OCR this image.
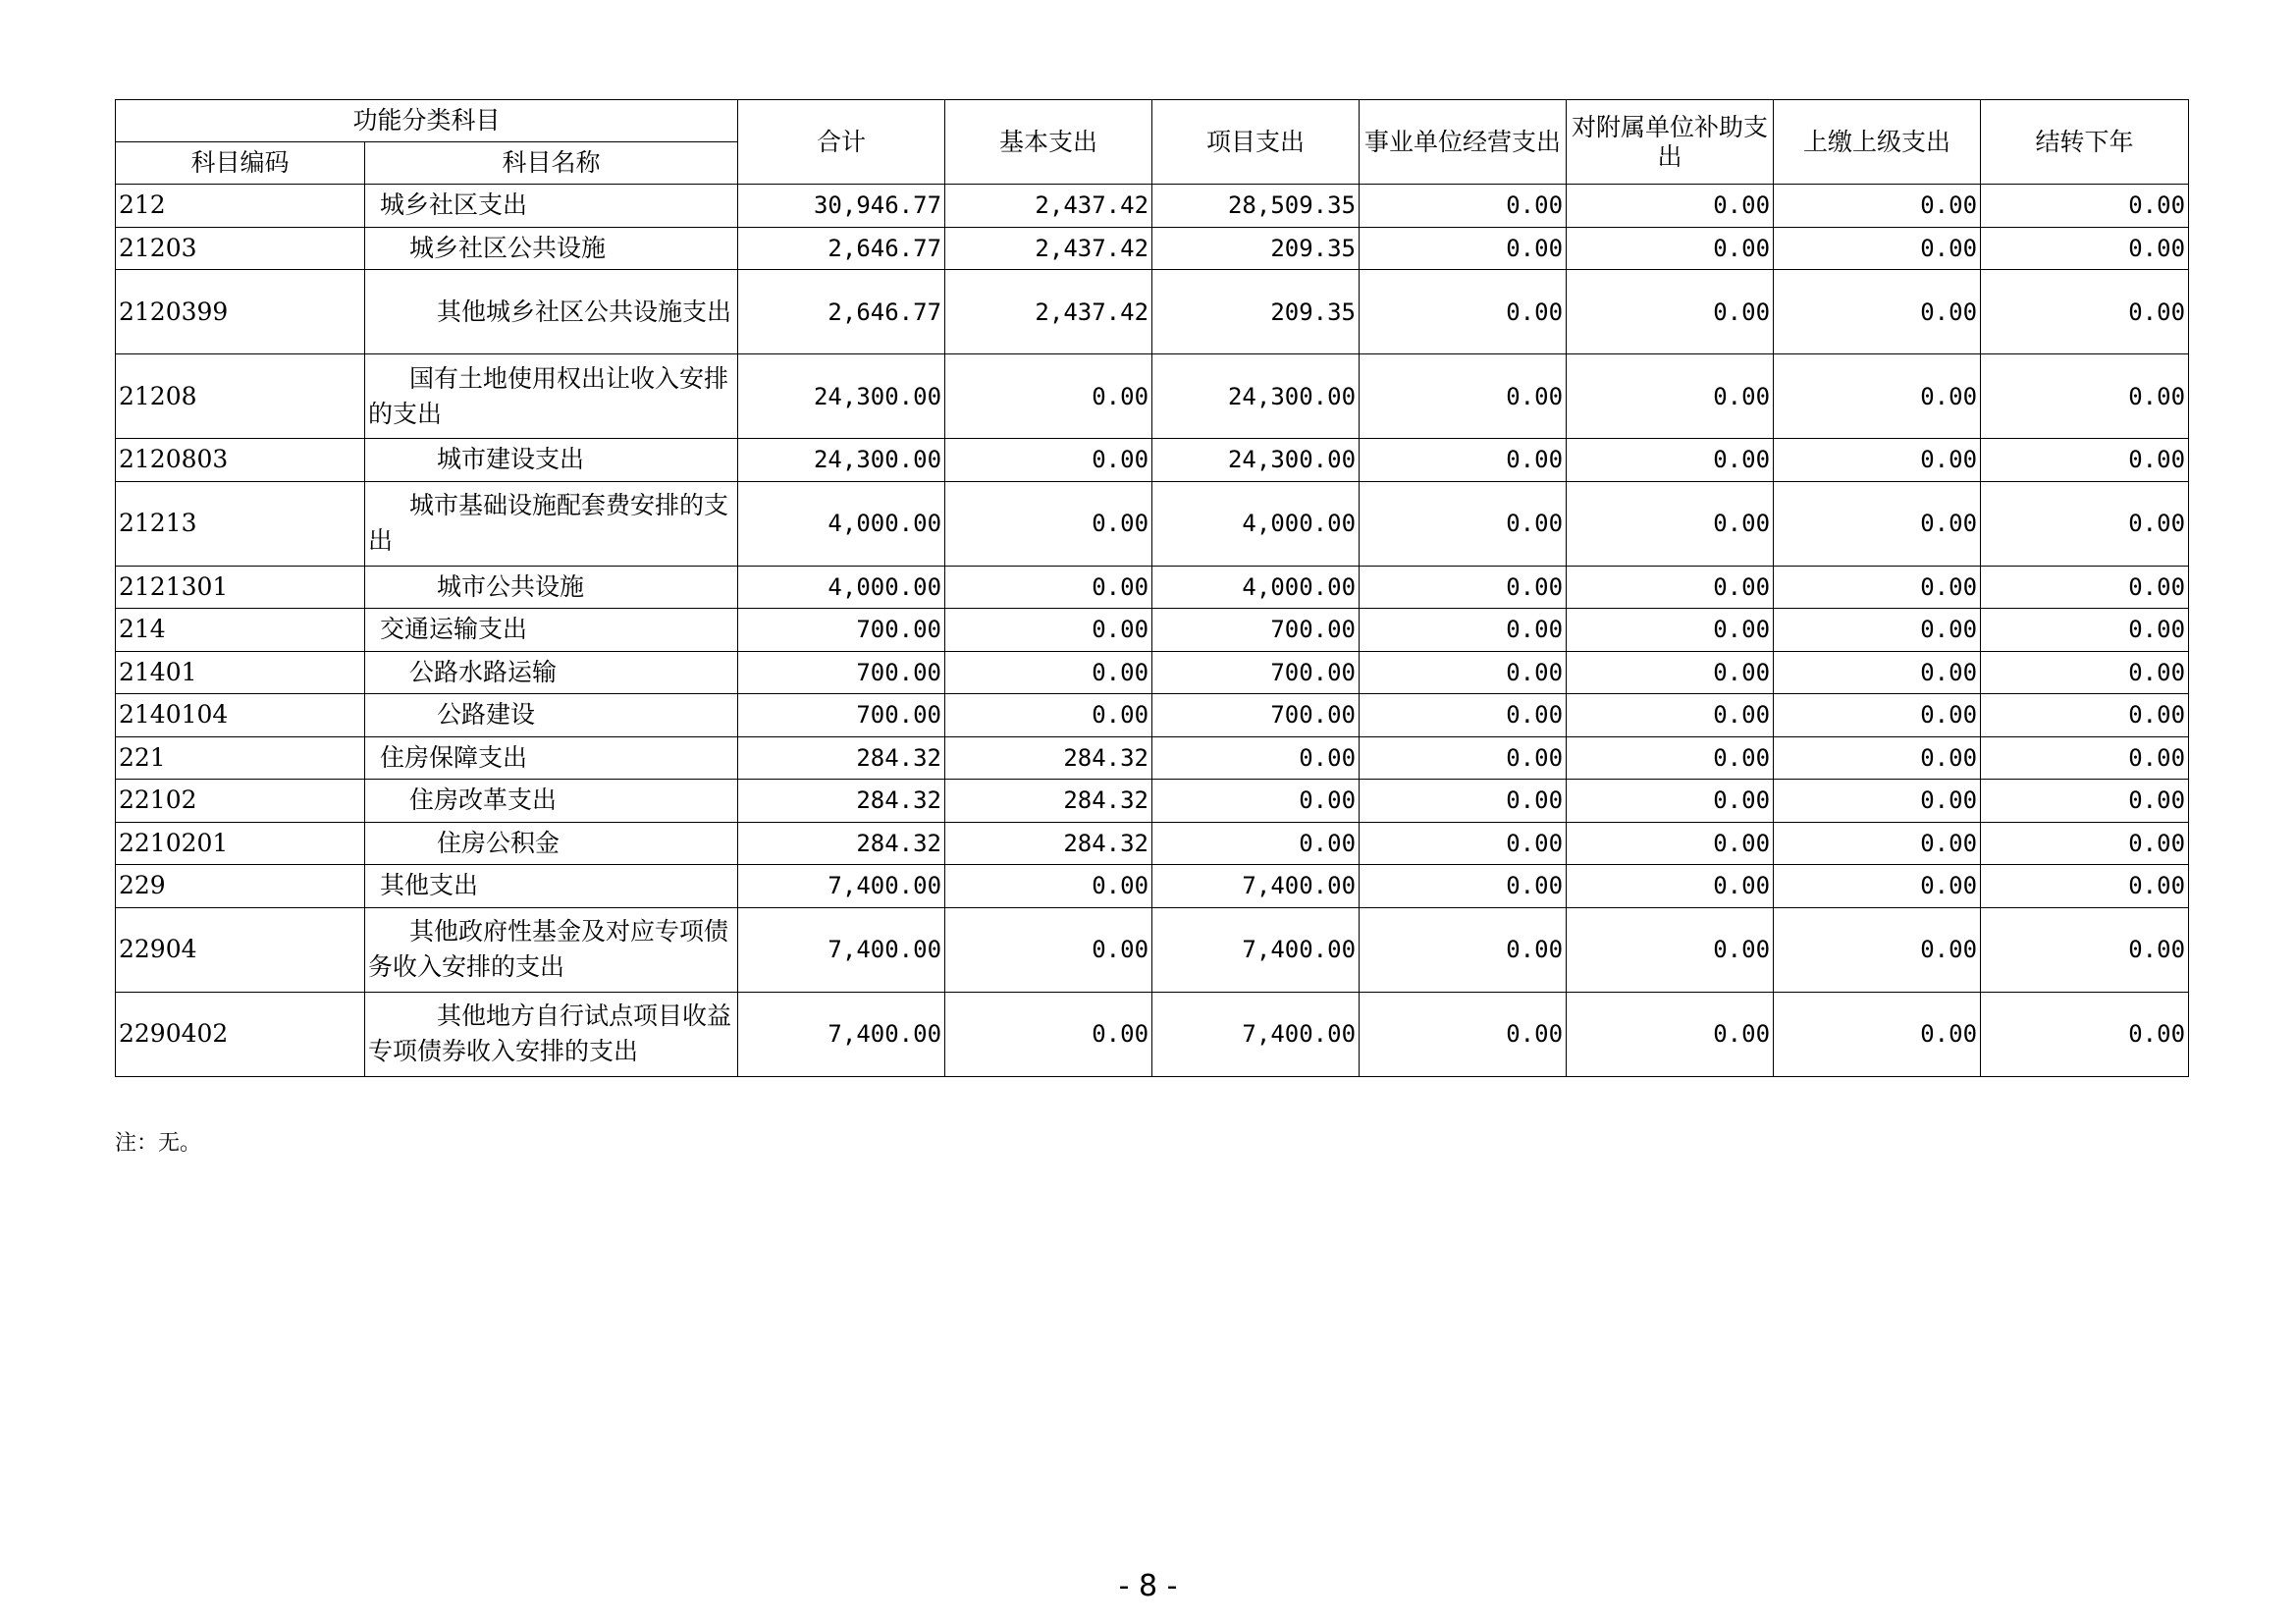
功能分类科目		合计	基本支出	项目支出	事业单位经营支出	对附属单位补助支出	上缴上级支出	结转下年
科目编码	科目名称							
212	城乡社区支出	30,946.77	2,437.42	28,509.35	0.00	0.00	0.00	0.00
21203	城乡社区公共设施	2,646.77	2,437.42	209.35	0.00	0.00	0.00	0.00
2120399	其他城乡社区公共设施支出	2,646.77	2,437.42	209.35	0.00	0.00	0.00	0.00
21208	国有土地使用权出让收入安排的支出	24,300.00	0.00	24,300.00	0.00	0.00	0.00	0.00
2120803	城市建设支出	24,300.00	0.00	24,300.00	0.00	0.00	0.00	0.00
21213	城市基础设施配套费安排的支出	4,000.00	0.00	4,000.00	0.00	0.00	0.00	0.00
2121301	城市公共设施	4,000.00	0.00	4,000.00	0.00	0.00	0.00	0.00
214	交通运输支出	700.00	0.00	700.00	0.00	0.00	0.00	0.00
21401	公路水路运输	700.00	0.00	700.00	0.00	0.00	0.00	0.00
2140104	公路建设	700.00	0.00	700.00	0.00	0.00	0.00	0.00
221	住房保障支出	284.32	284.32	0.00	0.00	0.00	0.00	0.00
22102	住房改革支出	284.32	284.32	0.00	0.00	0.00	0.00	0.00
2210201	住房公积金	284.32	284.32	0.00	0.00	0.00	0.00	0.00
229	其他支出	7,400.00	0.00	7,400.00	0.00	0.00	0.00	0.00
22904	其他政府性基金及对应专项债务收入安排的支出	7,400.00	0.00	7,400.00	0.00	0.00	0.00	0.00
2290402	其他地方自行试点项目收益专项债券收入安排的支出	7,400.00	0.00	7,400.00	0.00	0.00	0.00	0.00
注：无。
- 8 -
